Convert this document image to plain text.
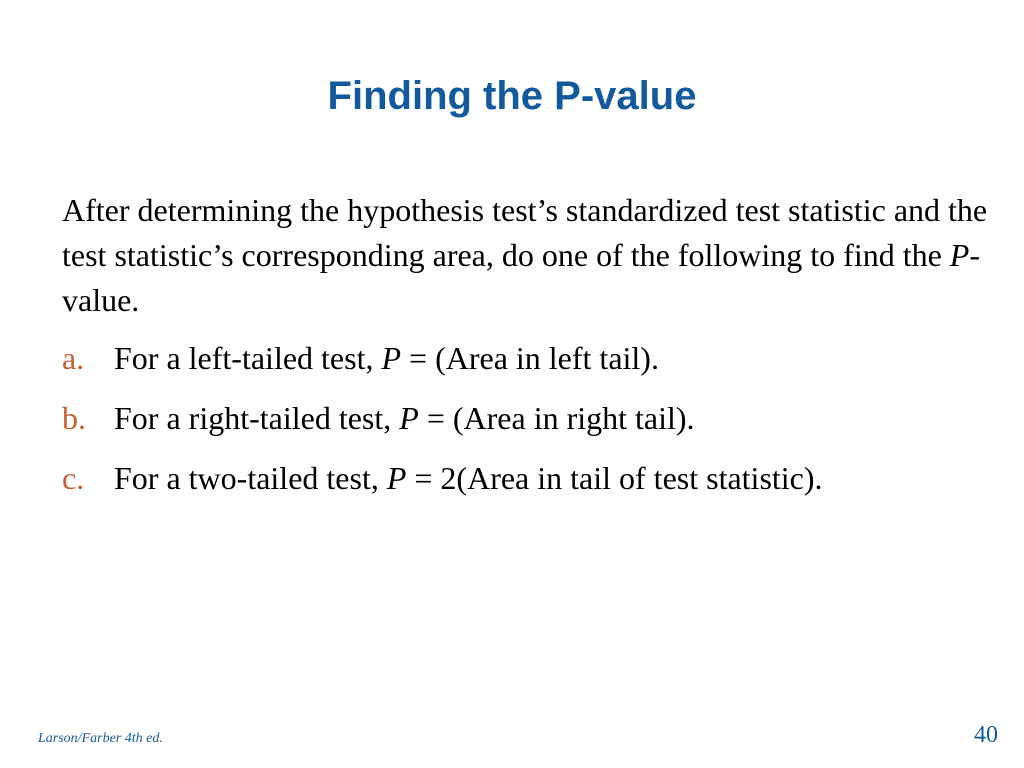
Finding the P-value

After determining the hypothesis test’s standardized test statistic and the test statistic’s corresponding area, do one of the following to find the P-value.

a. For a left-tailed test, P = (Area in left tail).
b. For a right-tailed test, P = (Area in right tail).
c. For a two-tailed test, P = 2(Area in tail of test statistic).
Larson/Farber 4th ed.	40
